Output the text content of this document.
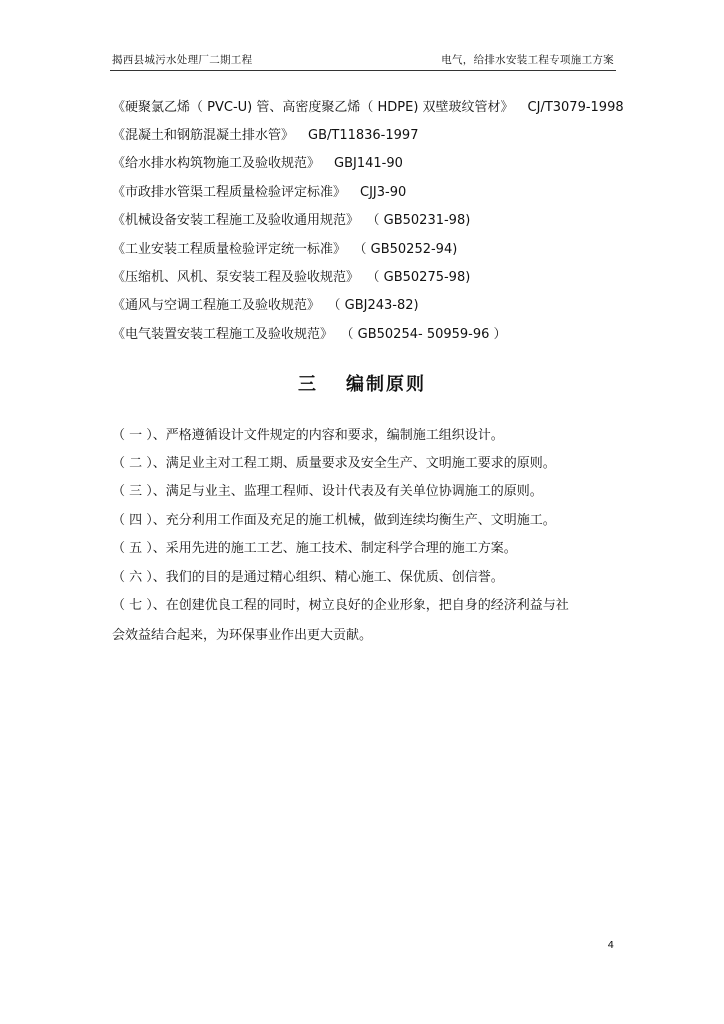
揭西县城污水处理厂二期工程	电气，给排水安装工程专项施工方案
《硬聚氯乙烯（ PVC-U) 管、高密度聚乙烯（ HDPE) 双壁玻纹管材》 CJ/T3079-1998
《混凝土和钢筋混凝土排水管》 GB/T11836-1997
《给水排水构筑物施工及验收规范》 GBJ141-90
《市政排水管渠工程质量检验评定标准》 CJJ3-90
《机械设备安装工程施工及验收通用规范》 （ GB50231-98)
《工业安装工程质量检验评定统一标准》 （ GB50252-94)
《压缩机、风机、泵安装工程及验收规范》 （ GB50275-98)
《通风与空调工程施工及验收规范》 （ GBJ243-82)
《电气装置安装工程施工及验收规范》 （ GB50254- 50959-96 ）
三 编制原则
（ 一 ）、严格遵循设计文件规定的内容和要求，编制施工组织设计。
（ 二 ）、满足业主对工程工期、质量要求及安全生产、文明施工要求的原则。
（ 三 ）、满足与业主、监理工程师、设计代表及有关单位协调施工的原则。
（ 四 ）、充分利用工作面及充足的施工机械，做到连续均衡生产、文明施工。
（ 五 ）、采用先进的施工工艺、施工技术、制定科学合理的施工方案。
（ 六 ）、我们的目的是通过精心组织、精心施工、保优质、创信誉。
（ 七 ）、在创建优良工程的同时，树立良好的企业形象，把自身的经济利益与社
会效益结合起来，为环保事业作出更大贡献。
4
